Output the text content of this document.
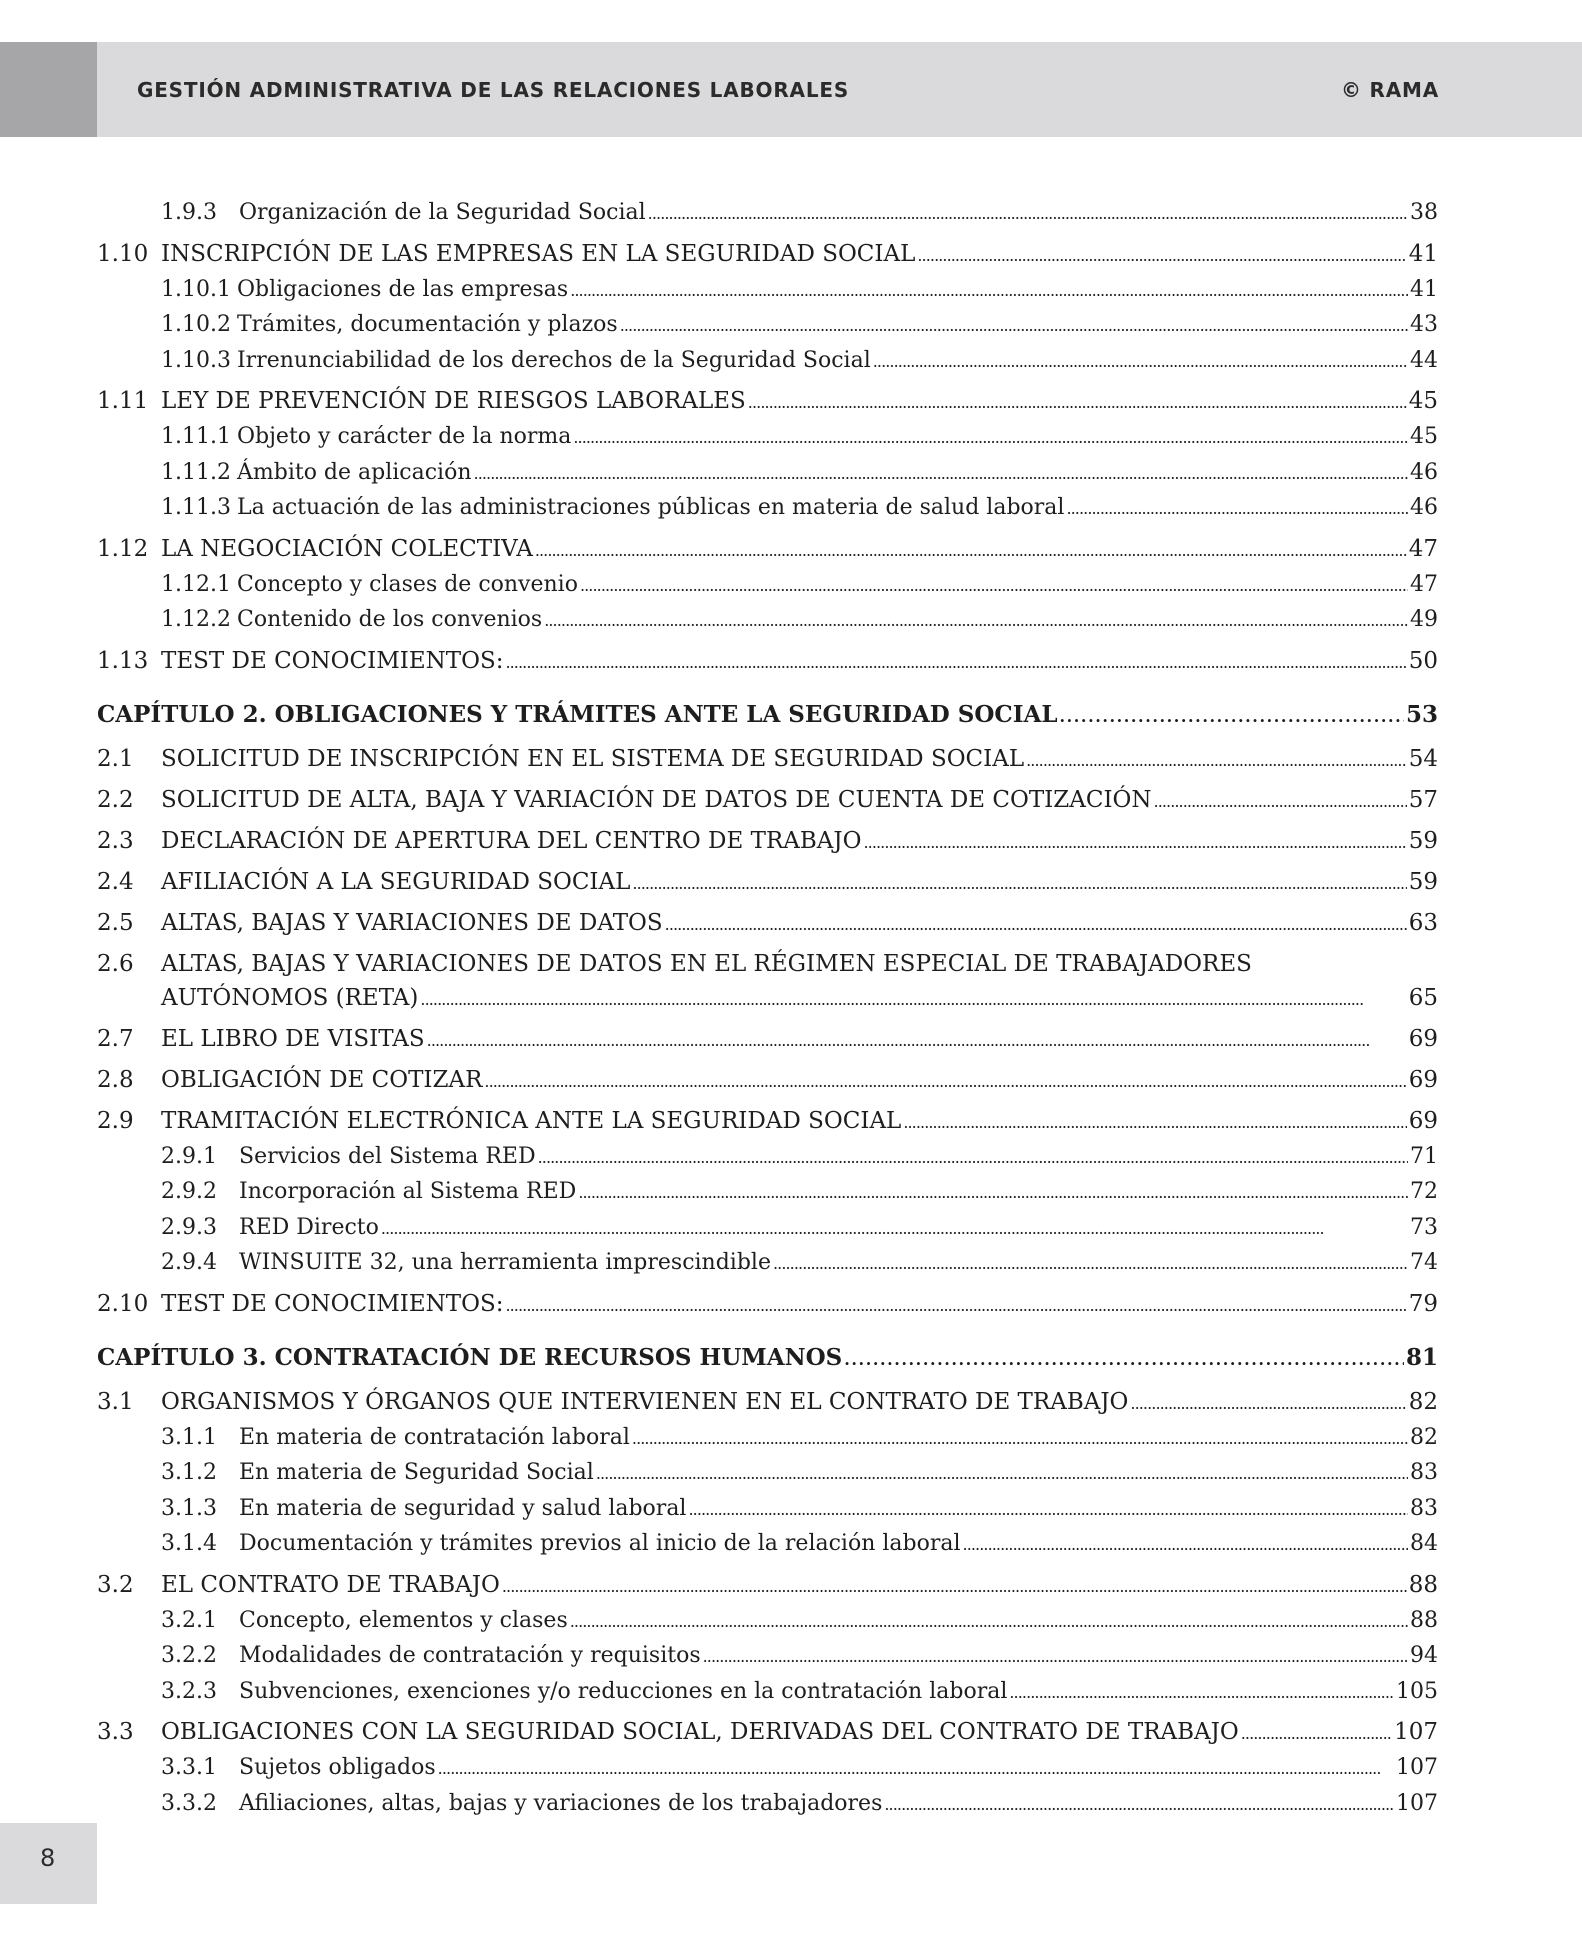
GESTIÓN ADMINISTRATIVA DE LAS RELACIONES LABORALES	© RAMA
1.9.3	Organización de la Seguridad Social . . .	38
1.10 INSCRIPCIÓN DE LAS EMPRESAS EN LA SEGURIDAD SOCIAL . . .	41
1.10.1 Obligaciones de las empresas . . .	41
1.10.2 Trámites, documentación y plazos . . .	43
1.10.3 Irrenunciabilidad de los derechos de la Seguridad Social . . .	44
1.11 LEY DE PREVENCIÓN DE RIESGOS LABORALES . . .	45
1.11.1 Objeto y carácter de la norma . . .	45
1.11.2 Ámbito de aplicación . . .	46
1.11.3 La actuación de las administraciones públicas en materia de salud laboral . . .	46
1.12 LA NEGOCIACIÓN COLECTIVA . . .	47
1.12.1 Concepto y clases de convenio . . .	47
1.12.2 Contenido de los convenios . . .	49
1.13 TEST DE CONOCIMIENTOS: . . .	50
CAPÍTULO 2. OBLIGACIONES Y TRÁMITES ANTE LA SEGURIDAD SOCIAL . . .	53
2.1	SOLICITUD DE INSCRIPCIÓN EN EL SISTEMA DE SEGURIDAD SOCIAL . . .	54
2.2	SOLICITUD DE ALTA, BAJA Y VARIACIÓN DE DATOS DE CUENTA DE COTIZACIÓN . . .	57
2.3	DECLARACIÓN DE APERTURA DEL CENTRO DE TRABAJO . . .	59
2.4	AFILIACIÓN A LA SEGURIDAD SOCIAL . . .	59
2.5	ALTAS, BAJAS Y VARIACIONES DE DATOS . . .	63
2.6	ALTAS, BAJAS Y VARIACIONES DE DATOS EN EL RÉGIMEN ESPECIAL DE TRABAJADORES
AUTÓNOMOS (RETA) . . .	65
2.7	EL LIBRO DE VISITAS . . .	69
2.8	OBLIGACIÓN DE COTIZAR . . .	69
2.9	TRAMITACIÓN ELECTRÓNICA ANTE LA SEGURIDAD SOCIAL . . .	69
2.9.1	Servicios del Sistema RED . . .	71
2.9.2	Incorporación al Sistema RED . . .	72
2.9.3	RED Directo . . .	73
2.9.4	WINSUITE 32, una herramienta imprescindible . . .	74
2.10 TEST DE CONOCIMIENTOS: . . .	79
CAPÍTULO 3. CONTRATACIÓN DE RECURSOS HUMANOS . . .	81
3.1	ORGANISMOS Y ÓRGANOS QUE INTERVIENEN EN EL CONTRATO DE TRABAJO . . .	82
3.1.1	En materia de contratación laboral . . .	82
3.1.2	En materia de Seguridad Social . . .	83
3.1.3	En materia de seguridad y salud laboral . . .	83
3.1.4	Documentación y trámites previos al inicio de la relación laboral . . .	84
3.2	EL CONTRATO DE TRABAJO . . .	88
3.2.1	Concepto, elementos y clases . . .	88
3.2.2	Modalidades de contratación y requisitos . . .	94
3.2.3	Subvenciones, exenciones y/o reducciones en la contratación laboral . . .	105
3.3	OBLIGACIONES CON LA SEGURIDAD SOCIAL, DERIVADAS DEL CONTRATO DE TRABAJO . . .	107
3.3.1	Sujetos obligados . . .	107
3.3.2	Afiliaciones, altas, bajas y variaciones de los trabajadores . . .	107
8
